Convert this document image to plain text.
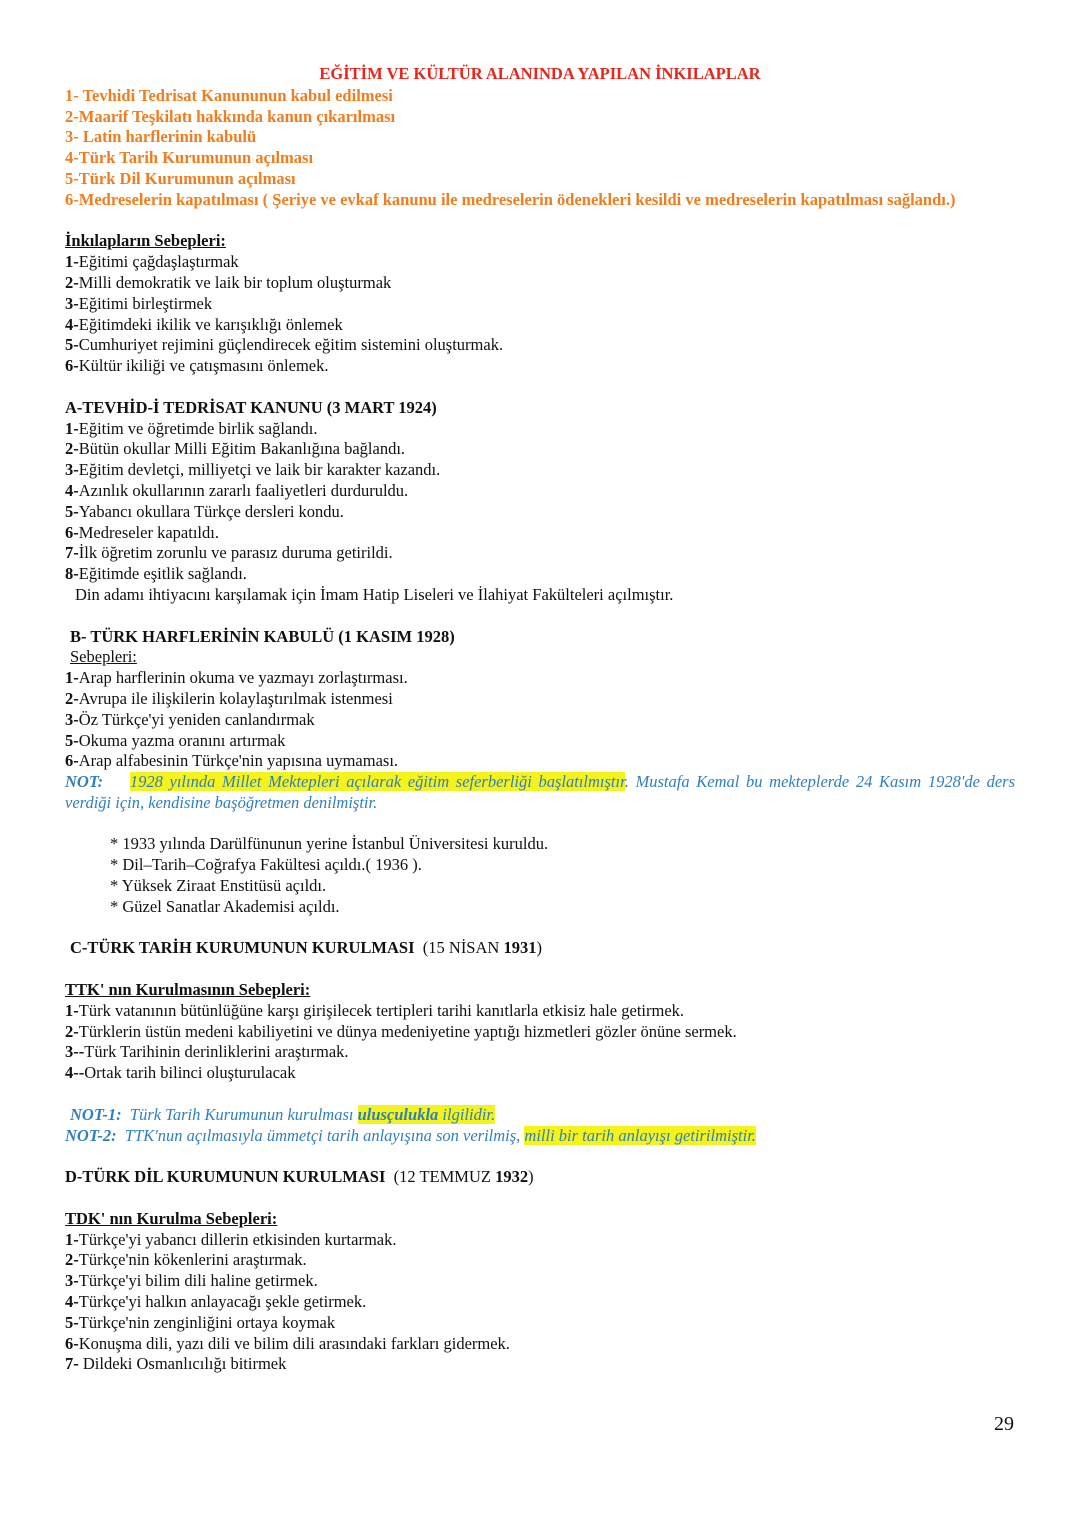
EĞİTİM VE KÜLTÜR ALANINDA YAPILAN İNKILAPLAR
1- Tevhidi Tedrisat Kanununun kabul edilmesi
2-Maarif Teşkilatı hakkında kanun çıkarılması
3- Latin harflerinin kabulü
4-Türk Tarih Kurumunun açılması
5-Türk Dil Kurumunun açılması
6-Medreselerin kapatılması ( Şeriye ve evkaf kanunu ile medreselerin ödenekleri kesildi ve medreselerin kapatılması sağlandı.)
İnkılapların Sebepleri:
1-Eğitimi çağdaşlaştırmak
2-Milli demokratik ve laik bir toplum oluşturmak
3-Eğitimi birleştirmek
4-Eğitimdeki ikilik ve karışıklığı önlemek
5-Cumhuriyet rejimini güçlendirecek eğitim sistemini oluşturmak.
6-Kültür ikiliği ve çatışmasını önlemek.
A-TEVHİD-İ TEDRİSAT KANUNU (3 MART 1924)
1-Eğitim ve öğretimde birlik sağlandı.
2-Bütün okullar Milli Eğitim Bakanlığına bağlandı.
3-Eğitim devletçi, milliyetçi ve laik bir karakter kazandı.
4-Azınlık okullarının zararlı faaliyetleri durduruldu.
5-Yabancı okullara Türkçe dersleri kondu.
6-Medreseler kapatıldı.
7-İlk öğretim zorunlu ve parasız duruma getirildi.
8-Eğitimde eşitlik sağlandı.
Din adamı ihtiyacını karşılamak için İmam Hatip Liseleri ve İlahiyat Fakülteleri açılmıştır.
B- TÜRK HARFLERİNİN KABULÜ (1 KASIM 1928)
Sebepleri:
1-Arap harflerinin okuma ve yazmayı zorlaştırması.
2-Avrupa ile ilişkilerin kolaylaştırılmak istenmesi
3-Öz Türkçe'yi yeniden canlandırmak
5-Okuma yazma oranını artırmak
6-Arap alfabesinin Türkçe'nin yapısına uymaması.
NOT: 1928 yılında Millet Mektepleri açılarak eğitim seferberliği başlatılmıştır. Mustafa Kemal bu mekteplerde 24 Kasım 1928'de ders verdiği için, kendisine başöğretmen denilmiştir.
* 1933 yılında Darülfünunun yerine İstanbul Üniversitesi kuruldu.
* Dil–Tarih–Coğrafya Fakültesi açıldı.( 1936 ).
* Yüksek Ziraat Enstitüsü açıldı.
* Güzel Sanatlar Akademisi açıldı.
C-TÜRK TARİH KURUMUNUN KURULMASI (15 NİSAN 1931)
TTK' nın Kurulmasının Sebepleri:
1-Türk vatanının bütünlüğüne karşı girişilecek tertipleri tarihi kanıtlarla etkisiz hale getirmek.
2-Türklerin üstün medeni kabiliyetini ve dünya medeniyetine yaptığı hizmetleri gözler önüne sermek.
3--Türk Tarihinin derinliklerini araştırmak.
4--Ortak tarih bilinci oluşturulacak
NOT-1: Türk Tarih Kurumunun kurulması ulusçulukla ilgilidir.
NOT-2: TTK'nun açılmasıyla ümmetçi tarih anlayışına son verilmiş, milli bir tarih anlayışı getirilmiştir.
D-TÜRK DİL KURUMUNUN KURULMASI (12 TEMMUZ 1932)
TDK' nın Kurulma Sebepleri:
1-Türkçe'yi yabancı dillerin etkisinden kurtarmak.
2-Türkçe'nin kökenlerini araştırmak.
3-Türkçe'yi bilim dili haline getirmek.
4-Türkçe'yi halkın anlayacağı şekle getirmek.
5-Türkçe'nin zenginliğini ortaya koymak
6-Konuşma dili, yazı dili ve bilim dili arasındaki farkları gidermek.
7- Dildeki Osmanlıcılığı bitirmek
29
